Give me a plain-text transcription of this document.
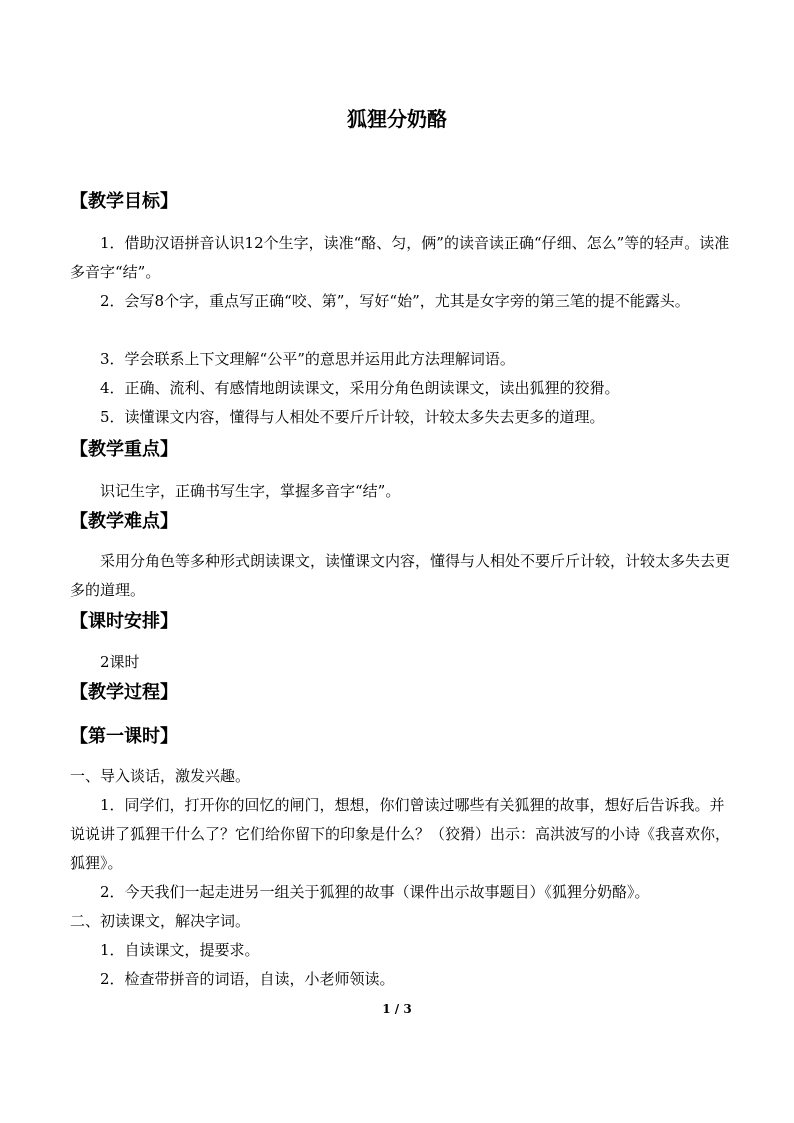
狐狸分奶酪
【教学目标】
1．借助汉语拼音认识12个生字，读准“酪、匀，俩”的读音读正确“仔细、怎么”等的轻声。读准多音字“结”。
2．会写8个字，重点写正确“咬、第”，写好“始”，尤其是女字旁的第三笔的提不能露头。
3．学会联系上下文理解“公平”的意思并运用此方法理解词语。
4．正确、流利、有感情地朗读课文，采用分角色朗读课文，读出狐狸的狡猾。
5．读懂课文内容，懂得与人相处不要斤斤计较，计较太多失去更多的道理。
【教学重点】
识记生字，正确书写生字，掌握多音字“结”。
【教学难点】
采用分角色等多种形式朗读课文，读懂课文内容，懂得与人相处不要斤斤计较，计较太多失去更多的道理。
【课时安排】
2课时
【教学过程】
【第一课时】
一、导入谈话，激发兴趣。
1．同学们，打开你的回忆的闸门，想想，你们曾读过哪些有关狐狸的故事，想好后告诉我。并说说讲了狐狸干什么了？它们给你留下的印象是什么？（狡猾）出示：高洪波写的小诗《我喜欢你，狐狸》。
2．今天我们一起走进另一组关于狐狸的故事（课件出示故事题目）《狐狸分奶酪》。
二、初读课文，解决字词。
1．自读课文，提要求。
2．检查带拼音的词语，自读，小老师领读。
1 / 3
